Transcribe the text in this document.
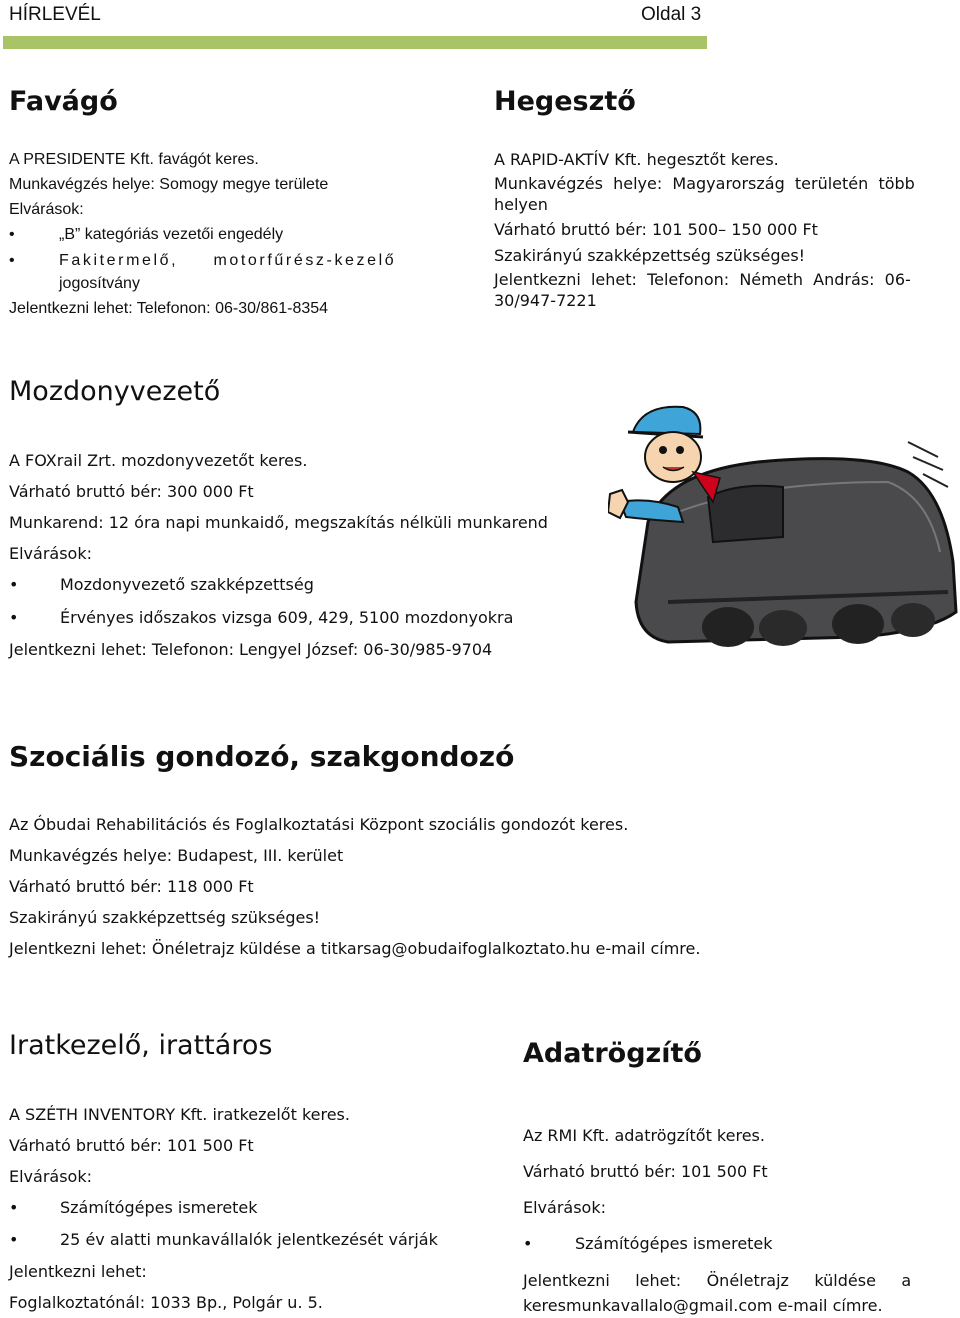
HÍRLEVÉL	Oldal 3
Favágó

A PRESIDENTE Kft. favágót keres.

Munkavégzés helye: Somogy megye területe

Elvárások:

„B” kategóriás vezetői engedély
Fakitermelő,     motorfűrész-kezelő

jogosítvány

Jelentkezni lehet: Telefonon: 06-30/861-8354

Hegesztő

A RAPID-AKTÍV Kft. hegesztőt keres.

Munkavégzés  helye:  Magyarország  területén  több

helyen

Várható bruttó bér: 101 500– 150 000 Ft

Szakirányú szakképzettség szükséges!

Jelentkezni  lehet:  Telefonon:  Németh  András:  06-

30/947-7221

Mozdonyvezető

A FOXrail Zrt. mozdonyvezetőt keres.

Várható bruttó bér: 300 000 Ft

Munkarend: 12 óra napi munkaidő, megszakítás nélküli munkarend

Elvárások:

Mozdonyvezető szakképzettség
Érvényes időszakos vizsga 609, 429, 5100 mozdonyokra

Jelentkezni lehet: Telefonon: Lengyel József: 06-30/985-9704

Szociális gondozó, szakgondozó

Az Óbudai Rehabilitációs és Foglalkoztatási Központ szociális gondozót keres.

Munkavégzés helye: Budapest, III. kerület

Várható bruttó bér: 118 000 Ft

Szakirányú szakképzettség szükséges!

Jelentkezni lehet: Önéletrajz küldése a titkarsag@obudaifoglalkoztato.hu e-mail címre.

Iratkezelő, irattáros

A SZÉTH INVENTORY Kft. iratkezelőt keres.

Várható bruttó bér: 101 500 Ft

Elvárások:

Számítógépes ismeretek
25 év alatti munkavállalók jelentkezését várják

Jelentkezni lehet:

Foglalkoztatónál: 1033 Bp., Polgár u. 5.

Adatrögzítő

Az RMI Kft. adatrögzítőt keres.

Várható bruttó bér: 101 500 Ft

Elvárások:

Számítógépes ismeretek

Jelentkezni     lehet:     Önéletrajz     küldése     a

keresmunkavallalo@gmail.com e-mail címre.
